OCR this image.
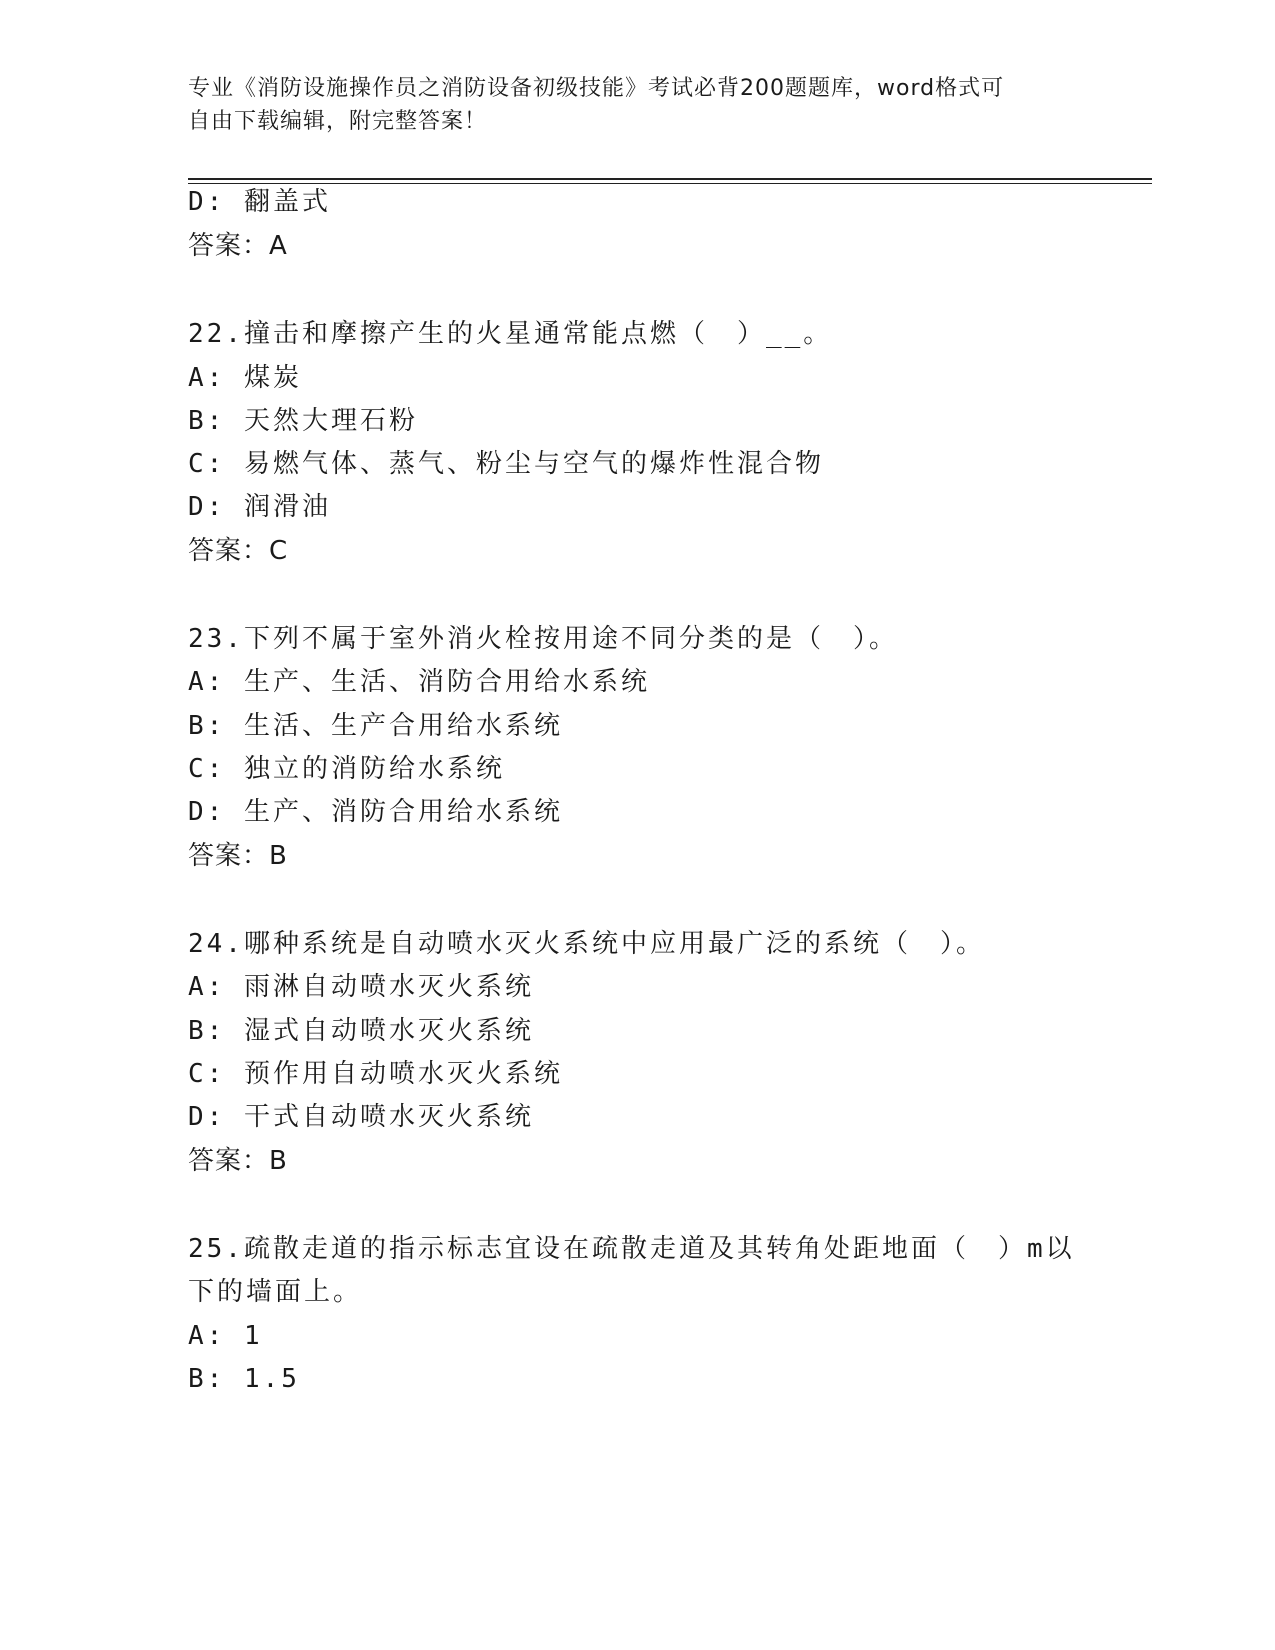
专业《消防设施操作员之消防设备初级技能》考试必背200题题库，word格式可
自由下载编辑，附完整答案！
D: 翻盖式
答案：A
22.撞击和摩擦产生的火星通常能点燃（　）__。
A: 煤炭
B: 天然大理石粉
C: 易燃气体、蒸气、粉尘与空气的爆炸性混合物
D: 润滑油
答案：C
23.下列不属于室外消火栓按用途不同分类的是（　）。
A: 生产、生活、消防合用给水系统
B: 生活、生产合用给水系统
C: 独立的消防给水系统
D: 生产、消防合用给水系统
答案：B
24.哪种系统是自动喷水灭火系统中应用最广泛的系统（　）。
A: 雨淋自动喷水灭火系统
B: 湿式自动喷水灭火系统
C: 预作用自动喷水灭火系统
D: 干式自动喷水灭火系统
答案：B
25.疏散走道的指示标志宜设在疏散走道及其转角处距地面（　）m以
下的墙面上。
A: 1
B: 1.5
